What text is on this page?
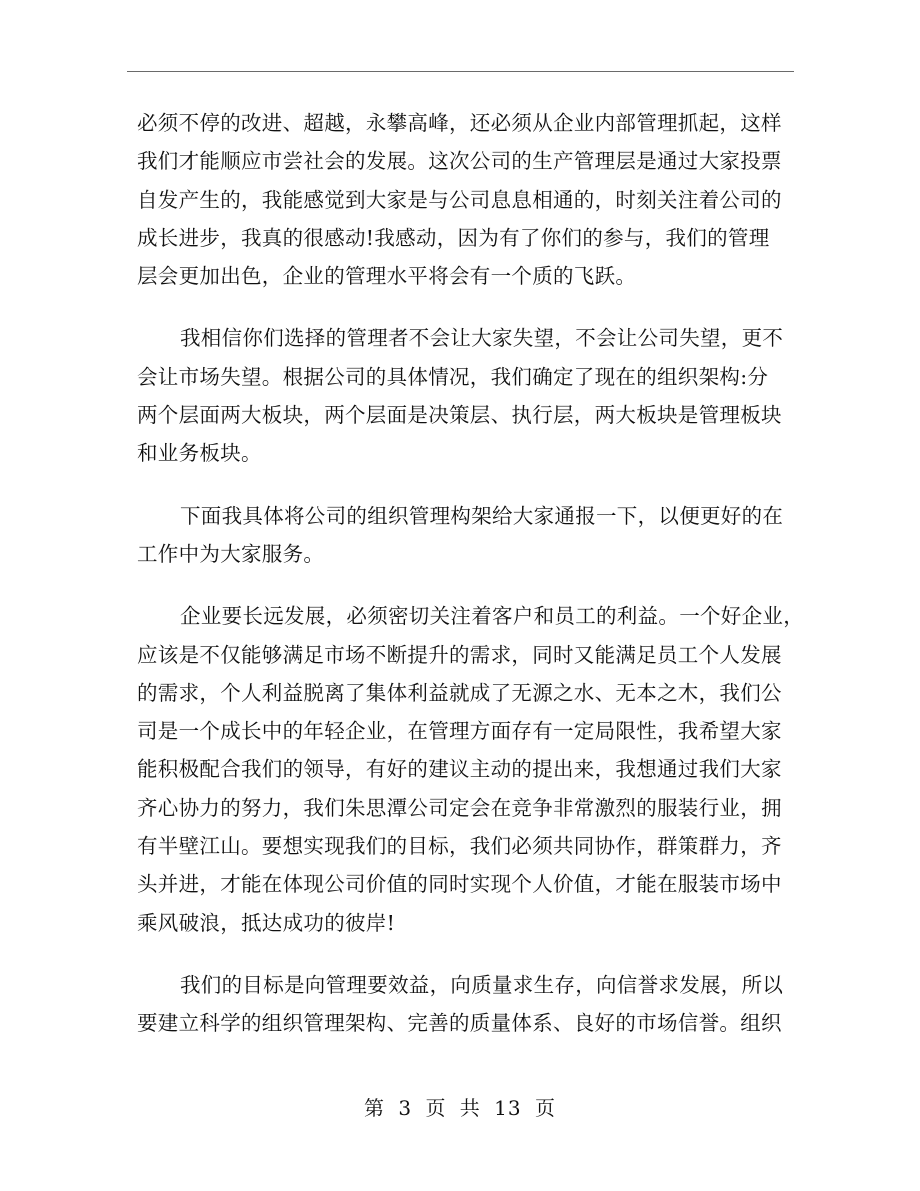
必须不停的改进、超越，永攀高峰，还必须从企业内部管理抓起，这样
我们才能顺应市尝社会的发展。这次公司的生产管理层是通过大家投票
自发产生的，我能感觉到大家是与公司息息相通的，时刻关注着公司的
成长进步，我真的很感动!我感动，因为有了你们的参与，我们的管理
层会更加出色，企业的管理水平将会有一个质的飞跃。
我相信你们选择的管理者不会让大家失望，不会让公司失望，更不
会让市场失望。根据公司的具体情况，我们确定了现在的组织架构:分
两个层面两大板块，两个层面是决策层、执行层，两大板块是管理板块
和业务板块。
下面我具体将公司的组织管理构架给大家通报一下，以便更好的在
工作中为大家服务。
企业要长远发展，必须密切关注着客户和员工的利益。一个好企业，
应该是不仅能够满足市场不断提升的需求，同时又能满足员工个人发展
的需求，个人利益脱离了集体利益就成了无源之水、无本之木，我们公
司是一个成长中的年轻企业，在管理方面存有一定局限性，我希望大家
能积极配合我们的领导，有好的建议主动的提出来，我想通过我们大家
齐心协力的努力，我们朱思潭公司定会在竞争非常激烈的服装行业，拥
有半壁江山。要想实现我们的目标，我们必须共同协作，群策群力，齐
头并进，才能在体现公司价值的同时实现个人价值，才能在服装市场中
乘风破浪，抵达成功的彼岸!
我们的目标是向管理要效益，向质量求生存，向信誉求发展，所以
要建立科学的组织管理架构、完善的质量体系、良好的市场信誉。组织
第 3 页 共 13 页
